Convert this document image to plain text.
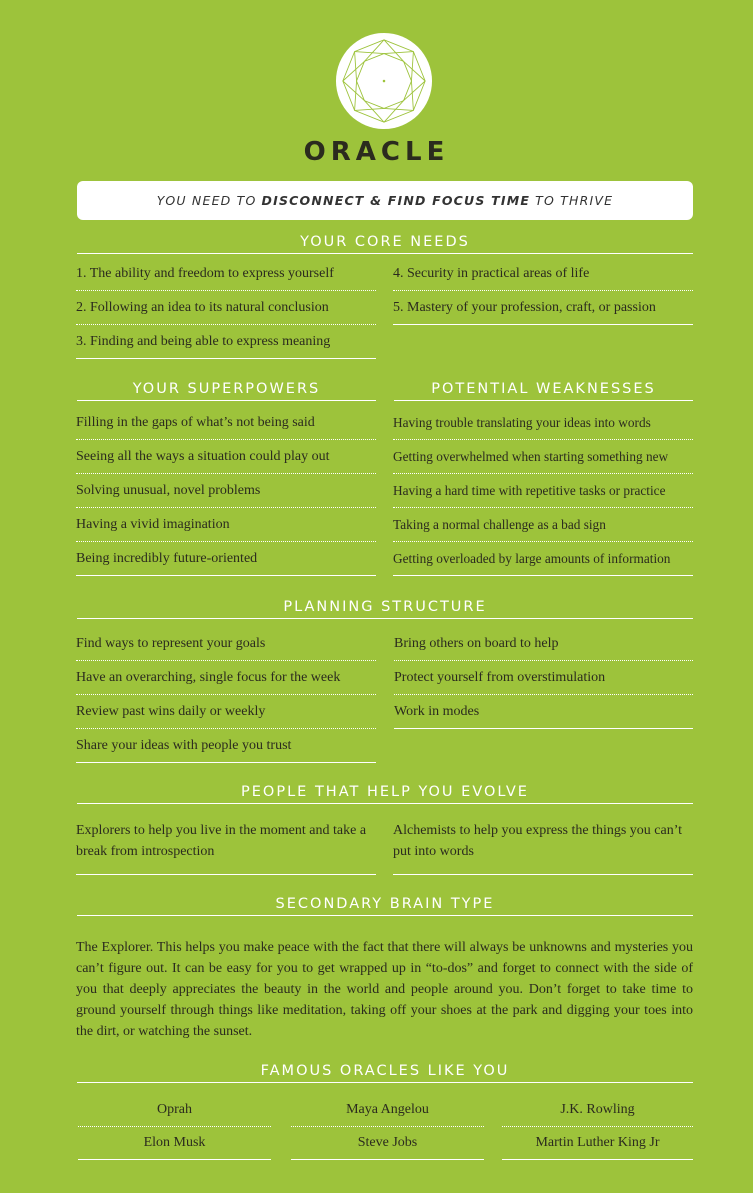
ORACLE
YOU NEED TO DISCONNECT & FIND FOCUS TIME TO THRIVE
YOUR CORE NEEDS
1. The ability and freedom to express yourself
2. Following an idea to its natural conclusion
3. Finding and being able to express meaning
4. Security in practical areas of life
5. Mastery of your profession, craft, or passion
YOUR SUPERPOWERS	POTENTIAL WEAKNESSES
Filling in the gaps of what’s not being said
Seeing all the ways a situation could play out
Solving unusual, novel problems
Having a vivid imagination
Being incredibly future-oriented
Having trouble translating your ideas into words
Getting overwhelmed when starting something new
Having a hard time with repetitive tasks or practice
Taking a normal challenge as a bad sign
Getting overloaded by large amounts of information
PLANNING STRUCTURE
Find ways to represent your goals
Have an overarching, single focus for the week
Review past wins daily or weekly
Share your ideas with people you trust
Bring others on board to help
Protect yourself from overstimulation
Work in modes
PEOPLE THAT HELP YOU EVOLVE
Explorers to help you live in the moment and take a break from introspection
Alchemists to help you express the things you can’t put into words
SECONDARY BRAIN TYPE
The Explorer. This helps you make peace with the fact that there will always be unknowns and mysteries you can’t figure out. It can be easy for you to get wrapped up in “to-dos” and forget to connect with the side of you that deeply appreciates the beauty in the world and people around you. Don’t forget to take time to ground yourself through things like meditation, taking off your shoes at the park and digging your toes into the dirt, or watching the sunset.
FAMOUS ORACLES LIKE YOU
Oprah
Elon Musk
Maya Angelou
Steve Jobs
J.K. Rowling
Martin Luther King Jr
